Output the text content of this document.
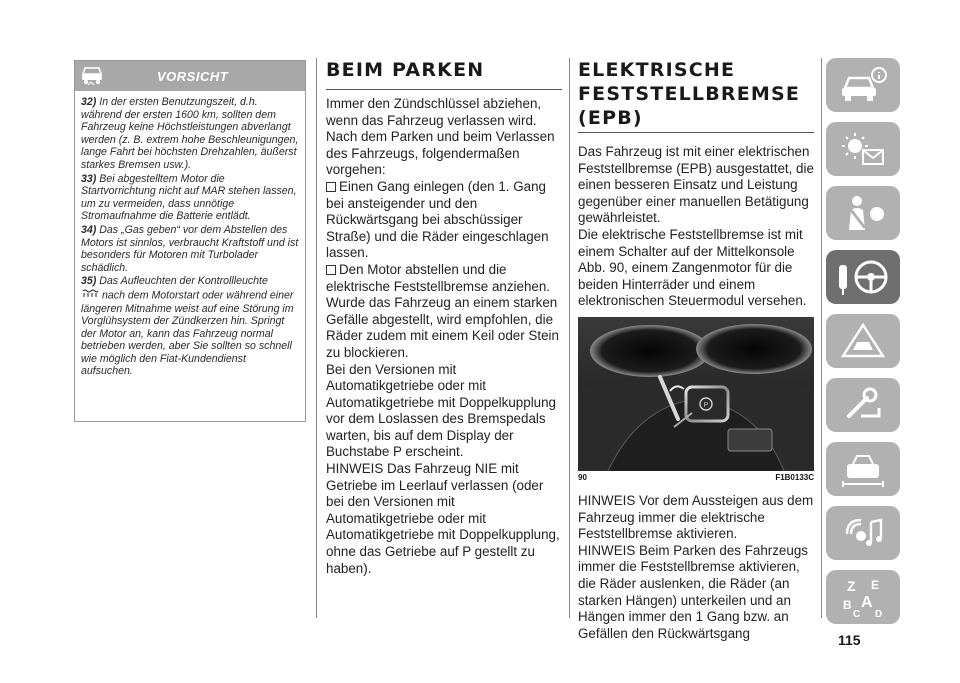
VORSICHT

32) In der ersten Benutzungszeit, d.h. während der ersten 1600 km, sollten dem Fahrzeug keine Höchstleistungen abverlangt werden (z. B. extrem hohe Beschleunigungen, lange Fahrt bei höchsten Drehzahlen, äußerst starkes Bremsen usw.).

33) Bei abgestelltem Motor die Startvorrichtung nicht auf MAR stehen lassen, um zu vermeiden, dass unnötige Stromaufnahme die Batterie entlädt.

34) Das „Gas geben“ vor dem Abstellen des Motors ist sinnlos, verbraucht Kraftstoff und ist besonders für Motoren mit Turbolader schädlich.

35) Das Aufleuchten der Kontrollleuchte

nach dem Motorstart oder während einer längeren Mitnahme weist auf eine Störung im Vorglühsystem der Zündkerzen hin. Springt der Motor an, kann das Fahrzeug normal betrieben werden, aber Sie sollten so schnell wie möglich den Fiat-Kundendienst aufsuchen.

BEIM PARKEN

Immer den Zündschlüssel abziehen, wenn das Fahrzeug verlassen wird.

Nach dem Parken und beim Verlassen des Fahrzeugs, folgendermaßen vorgehen:

Einen Gang einlegen (den 1. Gang bei ansteigender und den Rückwärtsgang bei abschüssiger Straße) und die Räder eingeschlagen lassen.

Den Motor abstellen und die elektrische Feststellbremse anziehen.

Wurde das Fahrzeug an einem starken Gefälle abgestellt, wird empfohlen, die Räder zudem mit einem Keil oder Stein zu blockieren.

Bei den Versionen mit Automatikgetriebe oder mit Automatikgetriebe mit Doppelkupplung vor dem Loslassen des Bremspedals warten, bis auf dem Display der Buchstabe P erscheint.

HINWEIS Das Fahrzeug NIE mit Getriebe im Leerlauf verlassen (oder bei den Versionen mit Automatikgetriebe oder mit Automatikgetriebe mit Doppelkupplung, ohne das Getriebe auf P gestellt zu haben).

ELEKTRISCHE
FESTSTELLBREMSE
(EPB)

Das Fahrzeug ist mit einer elektrischen Feststellbremse (EPB) ausgestattet, die einen besseren Einsatz und Leistung gegenüber einer manuellen Betätigung gewährleistet.

Die elektrische Feststellbremse ist mit einem Schalter auf der Mittelkonsole Abb. 90, einem Zangenmotor für die beiden Hinterräder und einem elektronischen Steuermodul versehen.

P
90	F1B0133C

HINWEIS Vor dem Aussteigen aus dem Fahrzeug immer die elektrische Feststellbremse aktivieren.

HINWEIS Beim Parken des Fahrzeugs immer die Feststellbremse aktivieren, die Räder auslenken, die Räder (an starken Hängen) unterkeilen und an Hängen immer den 1 Gang bzw. an Gefällen den Rückwärtsgang

Z E
B A
C D
115
